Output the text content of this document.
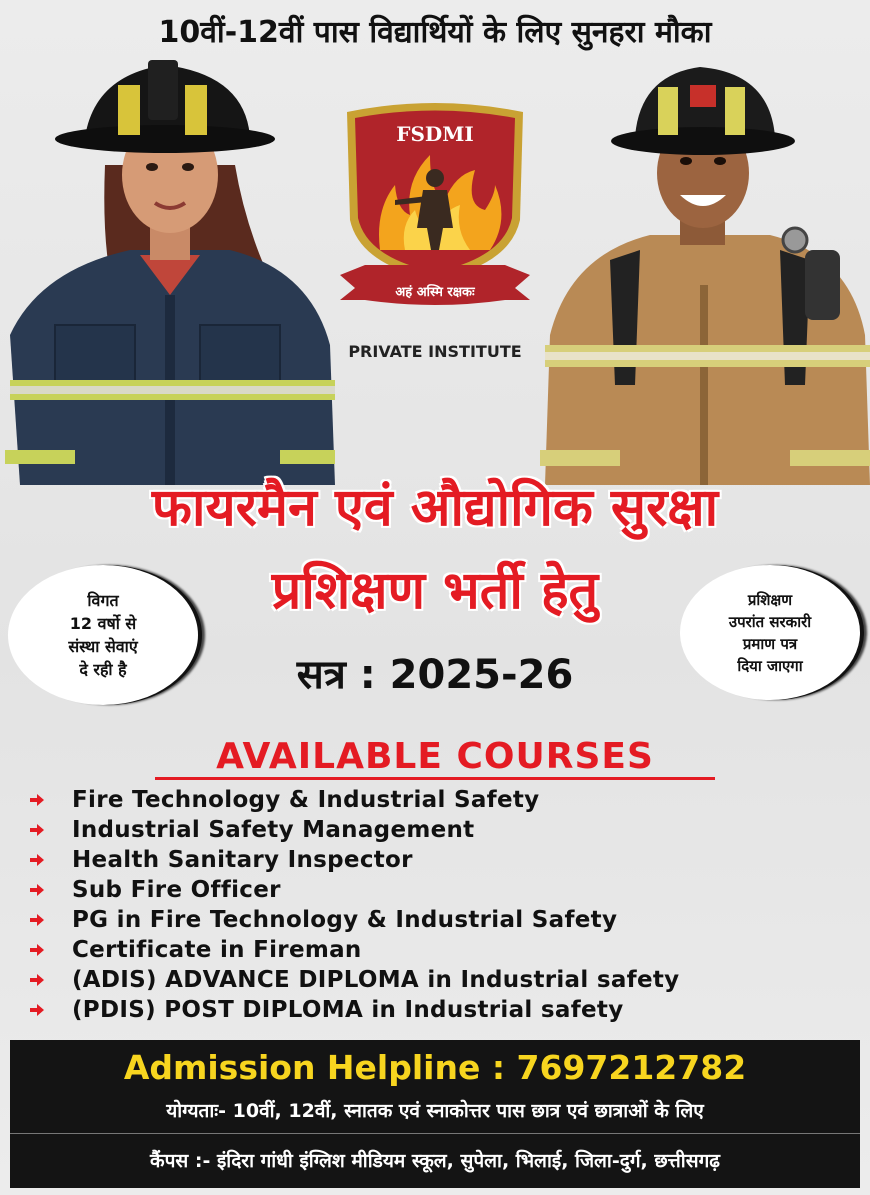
10वीं-12वीं पास विद्यार्थियों के लिए सुनहरा मौका
FSDMI
अहं अस्मि रक्षकः
PRIVATE INSTITUTE
फायरमैन एवं औद्योगिक सुरक्षा
प्रशिक्षण भर्ती हेतु
सत्र : 2025-26
विगत
12 वर्षो से
संस्था सेवाएं
दे रही है
प्रशिक्षण
उपरांत सरकारी
प्रमाण पत्र
दिया जाएगा
AVAILABLE COURSES
Fire Technology & Industrial Safety
Industrial Safety Management
Health Sanitary Inspector
Sub Fire Officer
PG in Fire Technology & Industrial Safety
Certificate in Fireman
(ADIS) ADVANCE DIPLOMA in Industrial safety
(PDIS) POST DIPLOMA in Industrial safety
Admission Helpline : 7697212782
योग्यताः- 10वीं, 12वीं, स्नातक एवं स्नाकोत्तर पास छात्र एवं छात्राओं के लिए
कैंपस :- इंदिरा गांधी इंग्लिश मीडियम स्कूल, सुपेला, भिलाई, जिला-दुर्ग, छत्तीसगढ़
